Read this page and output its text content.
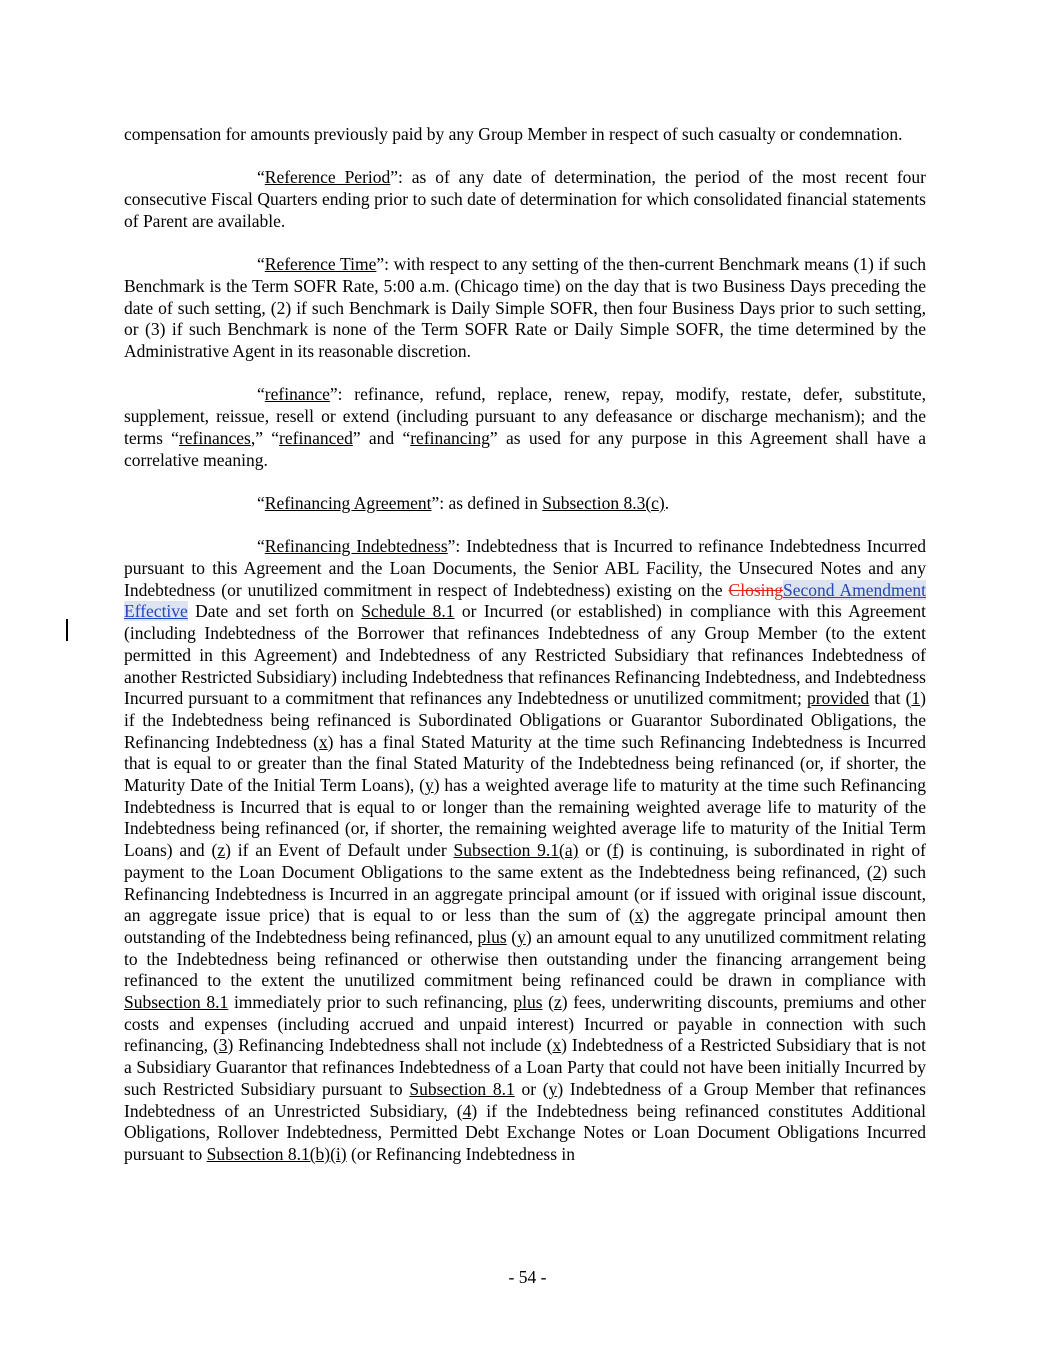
compensation for amounts previously paid by any Group Member in respect of such casualty or condemnation.

“Reference Period”: as of any date of determination, the period of the most recent four consecutive Fiscal Quarters ending prior to such date of determination for which consolidated financial statements of Parent are available.

“Reference Time”: with respect to any setting of the then-current Benchmark means (1) if such Benchmark is the Term SOFR Rate, 5:00 a.m. (Chicago time) on the day that is two Business Days preceding the date of such setting, (2) if such Benchmark is Daily Simple SOFR, then four Business Days prior to such setting, or (3) if such Benchmark is none of the Term SOFR Rate or Daily Simple SOFR, the time determined by the Administrative Agent in its reasonable discretion.

“refinance”: refinance, refund, replace, renew, repay, modify, restate, defer, substitute, supplement, reissue, resell or extend (including pursuant to any defeasance or discharge mechanism); and the terms “refinances,” “refinanced” and “refinancing” as used for any purpose in this Agreement shall have a correlative meaning.

“Refinancing Agreement”: as defined in Subsection 8.3(c).

“Refinancing Indebtedness”: Indebtedness that is Incurred to refinance Indebtedness Incurred pursuant to this Agreement and the Loan Documents, the Senior ABL Facility, the Unsecured Notes and any Indebtedness (or unutilized commitment in respect of Indebtedness) existing on the ClosingSecond Amendment Effective Date and set forth on Schedule 8.1 or Incurred (or established) in compliance with this Agreement (including Indebtedness of the Borrower that refinances Indebtedness of any Group Member (to the extent permitted in this Agreement) and Indebtedness of any Restricted Subsidiary that refinances Indebtedness of another Restricted Subsidiary) including Indebtedness that refinances Refinancing Indebtedness, and Indebtedness Incurred pursuant to a commitment that refinances any Indebtedness or unutilized commitment; provided that (1) if the Indebtedness being refinanced is Subordinated Obligations or Guarantor Subordinated Obligations, the Refinancing Indebtedness (x) has a final Stated Maturity at the time such Refinancing Indebtedness is Incurred that is equal to or greater than the final Stated Maturity of the Indebtedness being refinanced (or, if shorter, the Maturity Date of the Initial Term Loans), (y) has a weighted average life to maturity at the time such Refinancing Indebtedness is Incurred that is equal to or longer than the remaining weighted average life to maturity of the Indebtedness being refinanced (or, if shorter, the remaining weighted average life to maturity of the Initial Term Loans) and (z) if an Event of Default under Subsection 9.1(a) or (f) is continuing, is subordinated in right of payment to the Loan Document Obligations to the same extent as the Indebtedness being refinanced, (2) such Refinancing Indebtedness is Incurred in an aggregate principal amount (or if issued with original issue discount, an aggregate issue price) that is equal to or less than the sum of (x) the aggregate principal amount then outstanding of the Indebtedness being refinanced, plus (y) an amount equal to any unutilized commitment relating to the Indebtedness being refinanced or otherwise then outstanding under the financing arrangement being refinanced to the extent the unutilized commitment being refinanced could be drawn in compliance with Subsection 8.1 immediately prior to such refinancing, plus (z) fees, underwriting discounts, premiums and other costs and expenses (including accrued and unpaid interest) Incurred or payable in connection with such refinancing, (3) Refinancing Indebtedness shall not include (x) Indebtedness of a Restricted Subsidiary that is not a Subsidiary Guarantor that refinances Indebtedness of a Loan Party that could not have been initially Incurred by such Restricted Subsidiary pursuant to Subsection 8.1 or (y) Indebtedness of a Group Member that refinances Indebtedness of an Unrestricted Subsidiary, (4) if the Indebtedness being refinanced constitutes Additional Obligations, Rollover Indebtedness, Permitted Debt Exchange Notes or Loan Document Obligations Incurred pursuant to Subsection 8.1(b)(i) (or Refinancing Indebtedness in

- 54 -
